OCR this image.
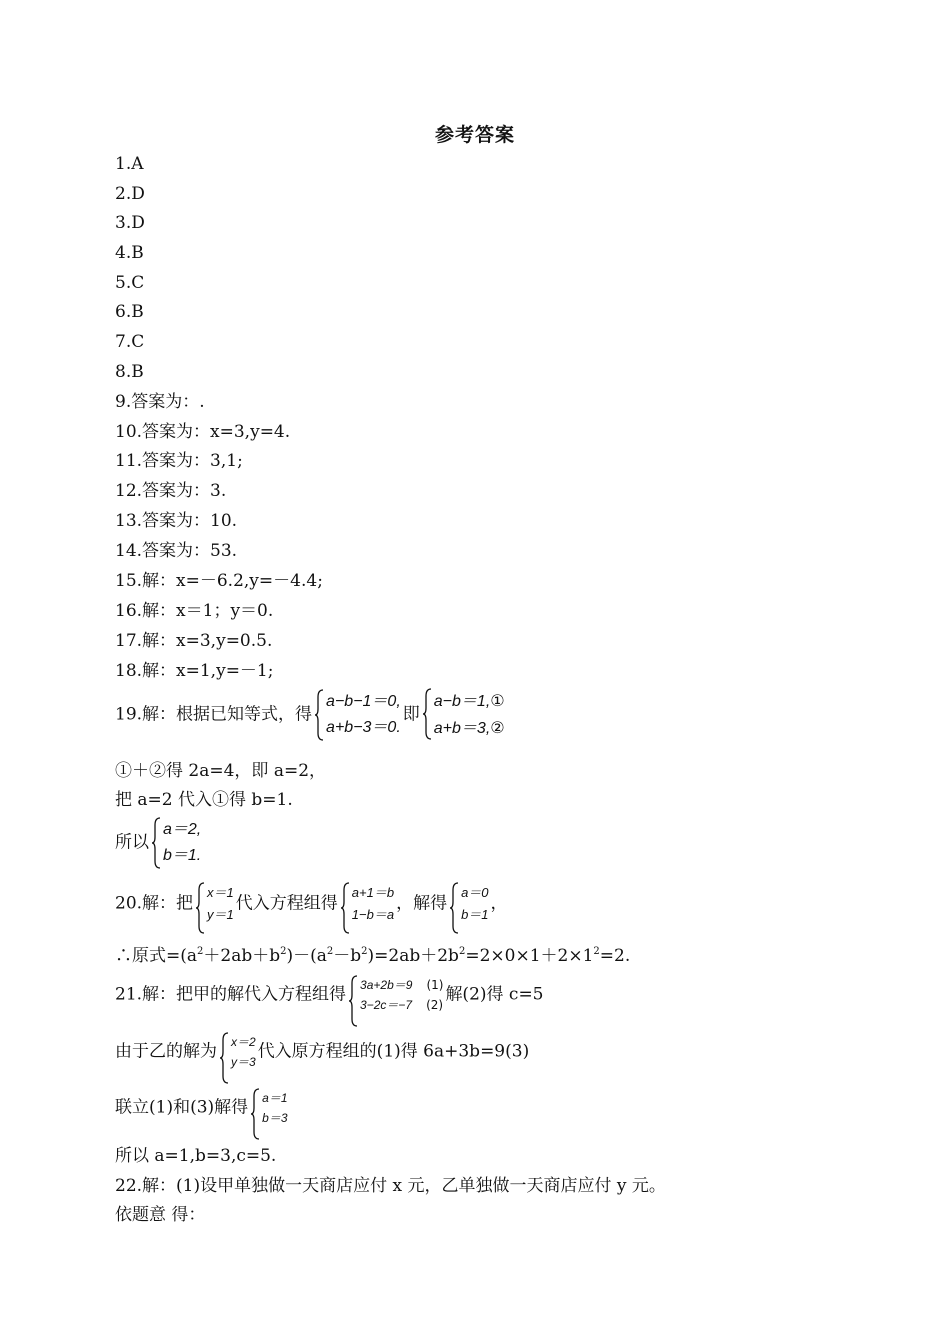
参考答案
1.A
2.D
3.D
4.B
5.C
6.B
7.C
8.B
9.答案为：.
10.答案为：x=3,y=4.
11.答案为：3,1;
12.答案为：3.
13.答案为：10.
14.答案为：53.
15.解：x=－6.2,y=－4.4;
16.解：x＝1；y＝0.
17.解：x=3,y=0.5.
18.解：x=1,y=－1;
19.解：根据已知等式，得
a−b−1＝0,
a+b−3＝0.
即
a−b＝1,①
a+b＝3,②
①＋②得 2a=4，即 a=2，
把 a=2 代入①得 b=1.
所以
a＝2,
b＝1.
20.解：把
x＝1
y＝1
代入方程组得
a+1＝b
1−b＝a
，解得
a＝0
b＝1
，
∴原式$=(a^2+2ab+b^2)-(a^2-b^2)=2ab+2b^2=2\times 0\times 1+2\times 1^2=2$.
21.解：把甲的解代入方程组得 3a+2b＝9 (1)
3−2c＝−7 (2)
解(2)得 c=5
由于乙的解为 x＝2
y＝3
代入原方程组的(1)得 6a+3b=9(3)
联立(1)和(3)解得 a＝1
b＝3
所以 a=1,b=3,c=5.
22.解：(1)设甲单独做一天商店应付 x 元，乙单独做一天商店应付 y 元。
依题意 得：
